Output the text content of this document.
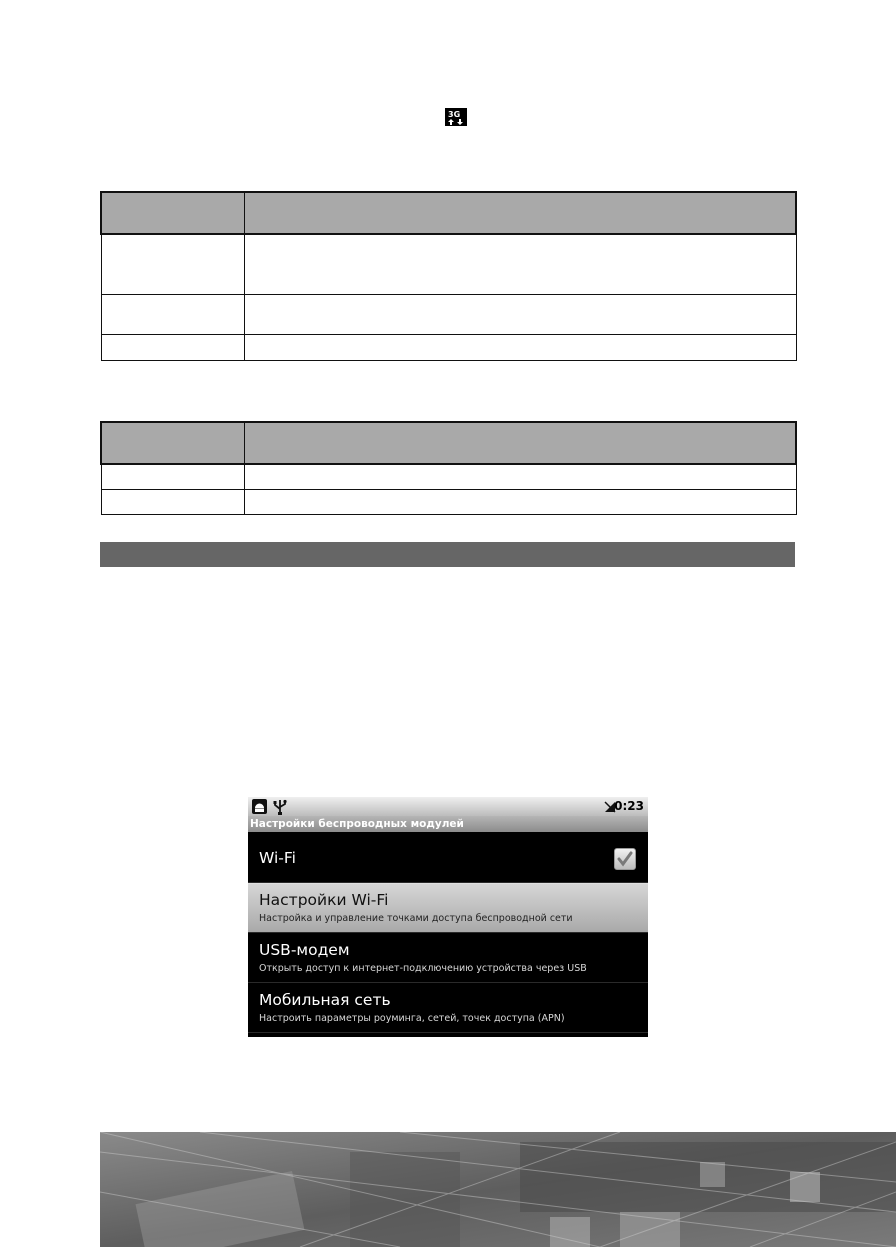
3G

0:23
Настройки беспроводных модулей
Wi-Fi
Настройки Wi-Fi
Настройка и управление точками доступа беспроводной сети
USB-модем
Открыть доступ к интернет-подключению устройства через USB
Мобильная сеть
Настроить параметры роуминга, сетей, точек доступа (APN)
